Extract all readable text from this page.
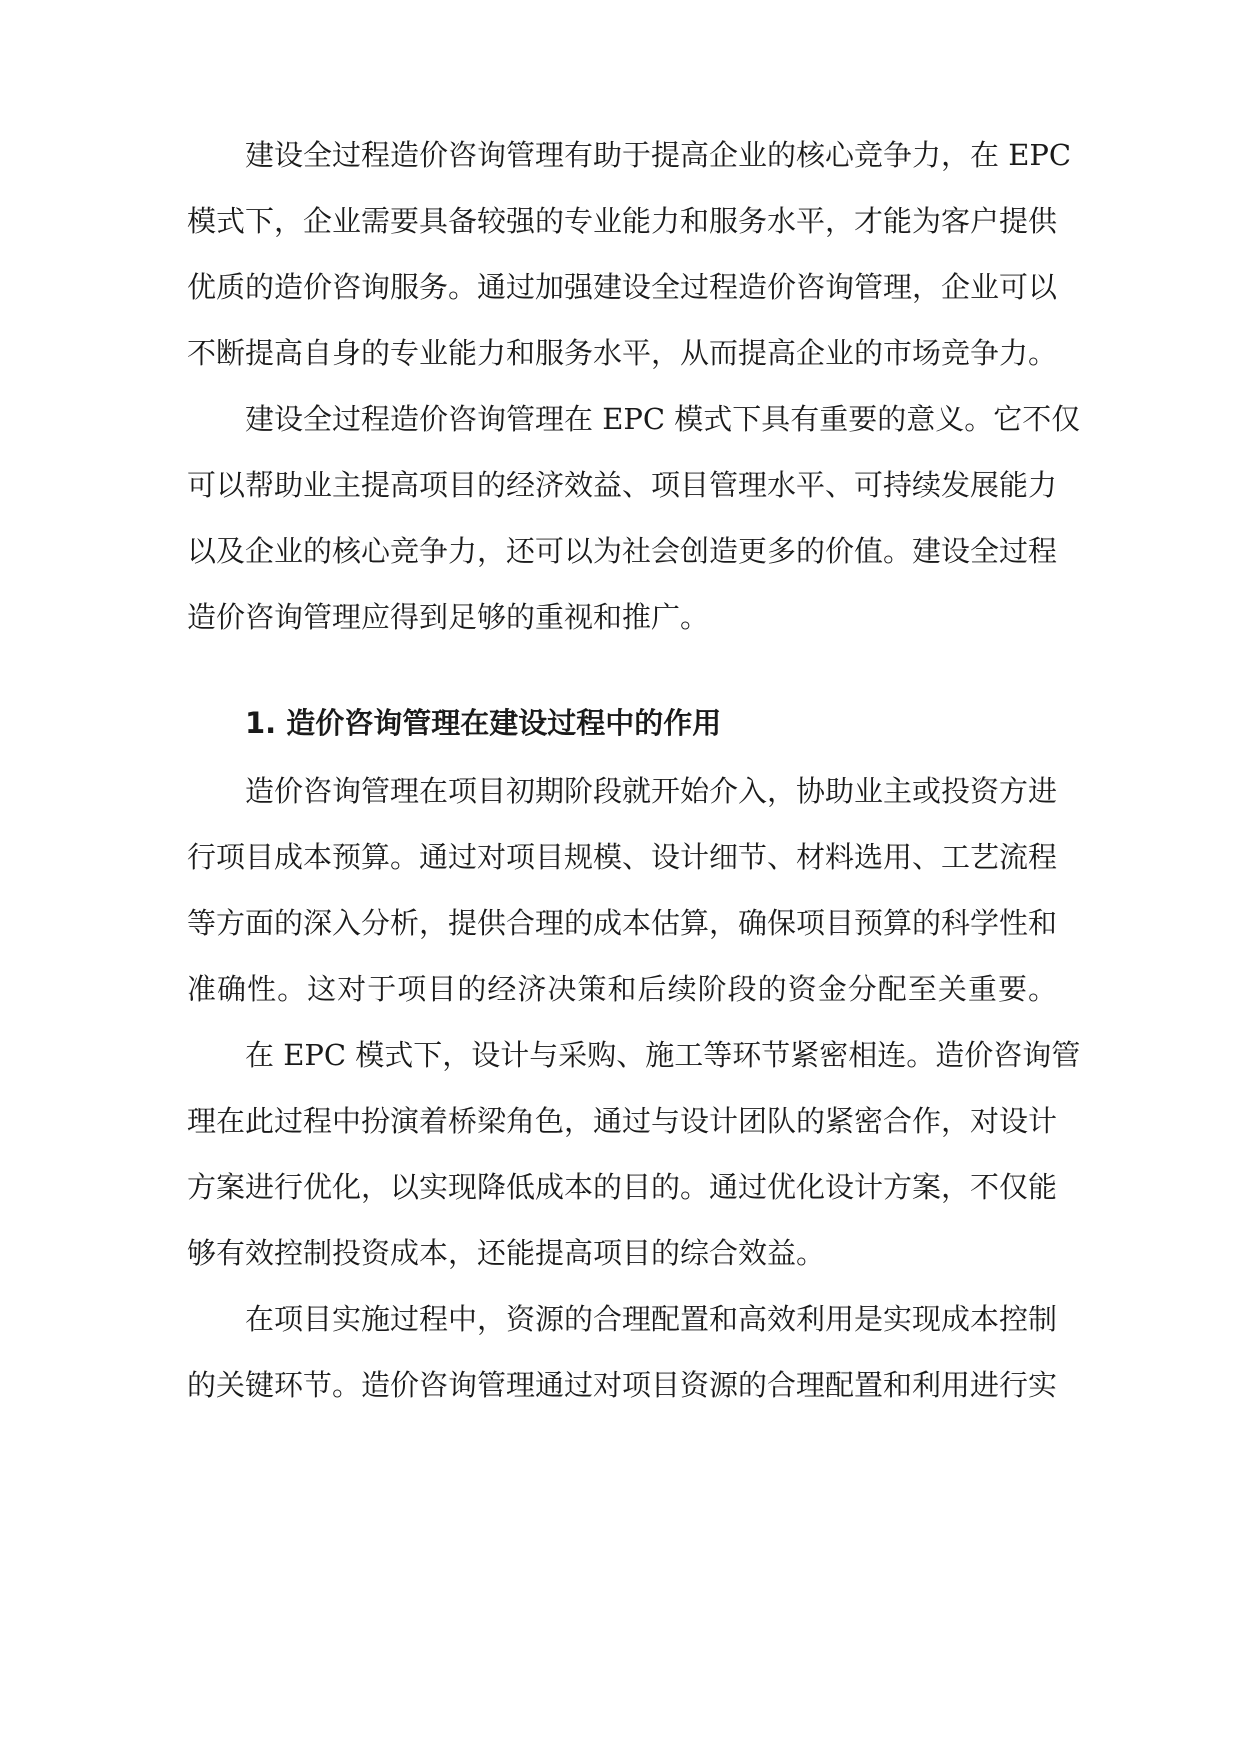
建设全过程造价咨询管理有助于提高企业的核心竞争力，在 EPC
模式下，企业需要具备较强的专业能力和服务水平，才能为客户提供
优质的造价咨询服务。通过加强建设全过程造价咨询管理，企业可以
不断提高自身的专业能力和服务水平，从而提高企业的市场竞争力。
建设全过程造价咨询管理在 EPC 模式下具有重要的意义。它不仅
可以帮助业主提高项目的经济效益、项目管理水平、可持续发展能力
以及企业的核心竞争力，还可以为社会创造更多的价值。建设全过程
造价咨询管理应得到足够的重视和推广。
1. 造价咨询管理在建设过程中的作用
造价咨询管理在项目初期阶段就开始介入，协助业主或投资方进
行项目成本预算。通过对项目规模、设计细节、材料选用、工艺流程
等方面的深入分析，提供合理的成本估算，确保项目预算的科学性和
准确性。这对于项目的经济决策和后续阶段的资金分配至关重要。
在 EPC 模式下，设计与采购、施工等环节紧密相连。造价咨询管
理在此过程中扮演着桥梁角色，通过与设计团队的紧密合作，对设计
方案进行优化，以实现降低成本的目的。通过优化设计方案，不仅能
够有效控制投资成本，还能提高项目的综合效益。
在项目实施过程中，资源的合理配置和高效利用是实现成本控制
的关键环节。造价咨询管理通过对项目资源的合理配置和利用进行实
